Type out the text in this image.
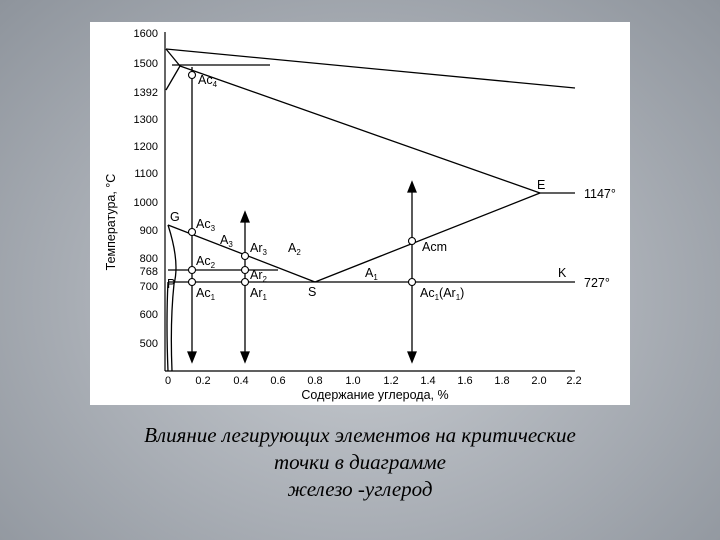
1600
1500
1392
1300
1200
1100
1000
900
768
800
700
600
500
0 0.2 0.4 0.6 0.8 1.0 1.2 1.4 1.6 1.8 2.0 2.2
Содержание углерода, %
Температура, °С	G
P
S
E
K
$Ac_4$
$Ac_3$
$A_3$ $Ar_3$ $A_2$
$Ac_2$
$Ar_2$	$A_1$
Acm
$Ac_1$	$Ar_1$	$Ac_1(Ar_1)$
1147°
727°
Влияние легирующих элементов на критические
точки в диаграмме
железо -углерод
